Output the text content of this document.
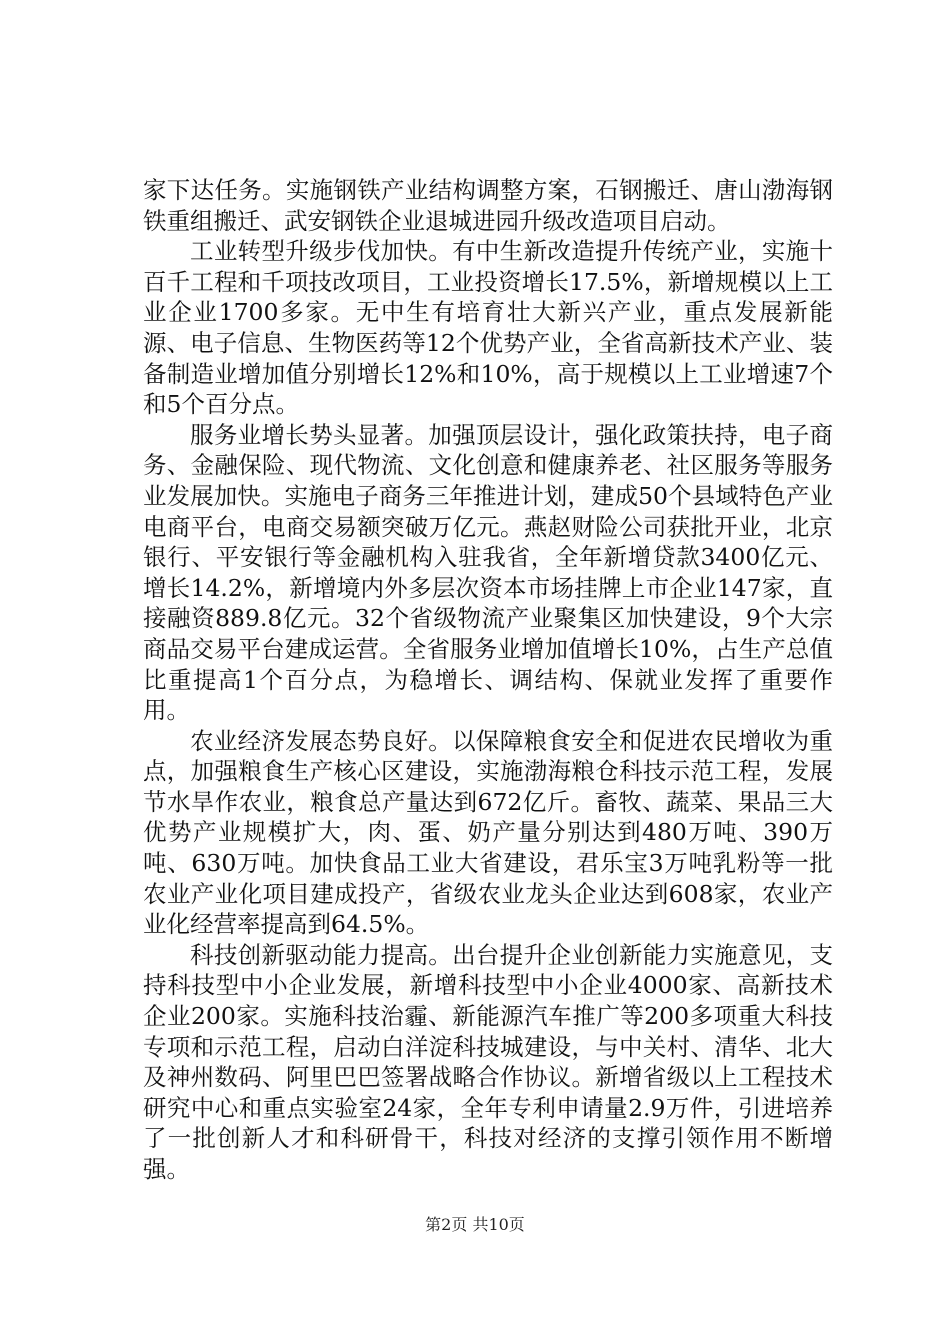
家下达任务。实施钢铁产业结构调整方案，石钢搬迁、唐山渤海钢铁重组搬迁、武安钢铁企业退城进园升级改造项目启动。

工业转型升级步伐加快。有中生新改造提升传统产业，实施十百千工程和千项技改项目，工业投资增长17.5%，新增规模以上工业企业1700多家。无中生有培育壮大新兴产业，重点发展新能源、电子信息、生物医药等12个优势产业，全省高新技术产业、装备制造业增加值分别增长12%和10%，高于规模以上工业增速7个和5个百分点。

服务业增长势头显著。加强顶层设计，强化政策扶持，电子商务、金融保险、现代物流、文化创意和健康养老、社区服务等服务业发展加快。实施电子商务三年推进计划，建成50个县域特色产业电商平台，电商交易额突破万亿元。燕赵财险公司获批开业，北京银行、平安银行等金融机构入驻我省，全年新增贷款3400亿元、增长14.2%，新增境内外多层次资本市场挂牌上市企业147家，直接融资889.8亿元。32个省级物流产业聚集区加快建设，9个大宗商品交易平台建成运营。全省服务业增加值增长10%，占生产总值比重提高1个百分点，为稳增长、调结构、保就业发挥了重要作用。

农业经济发展态势良好。以保障粮食安全和促进农民增收为重点，加强粮食生产核心区建设，实施渤海粮仓科技示范工程，发展节水旱作农业，粮食总产量达到672亿斤。畜牧、蔬菜、果品三大优势产业规模扩大，肉、蛋、奶产量分别达到480万吨、390万吨、630万吨。加快食品工业大省建设，君乐宝3万吨乳粉等一批农业产业化项目建成投产，省级农业龙头企业达到608家，农业产业化经营率提高到64.5%。

科技创新驱动能力提高。出台提升企业创新能力实施意见，支持科技型中小企业发展，新增科技型中小企业4000家、高新技术企业200家。实施科技治霾、新能源汽车推广等200多项重大科技专项和示范工程，启动白洋淀科技城建设，与中关村、清华、北大及神州数码、阿里巴巴签署战略合作协议。新增省级以上工程技术研究中心和重点实验室24家，全年专利申请量2.9万件，引进培养了一批创新人才和科研骨干，科技对经济的支撑引领作用不断增强。

第2页 共10页
